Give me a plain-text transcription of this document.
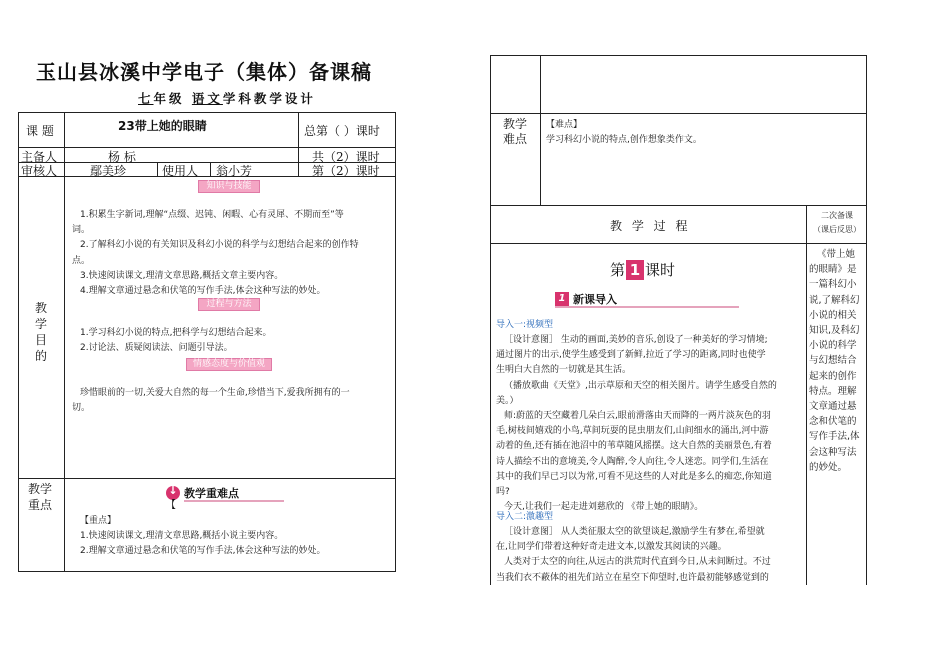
玉山县冰溪中学电子（集体）备课稿
七年级 语文学科教学设计
课 题	23带上她的眼睛	总第（ ）课时
主备人	杨 标	共（2）课时
审核人	鄢美珍	使用人 翁小芳	第（2）课时
教
学
目
的
知识与技能
1.积累生字新词,理解“点缀、迟钝、闲暇、心有灵犀、不期而至”等
词。
2.了解科幻小说的有关知识及科幻小说的科学与幻想结合起来的创作特
点。
3.快速阅读课文,理清文章思路,概括文章主要内容。
4.理解文章通过悬念和伏笔的写作手法,体会这种写法的妙处。
过程与方法
1.学习科幻小说的特点,把科学与幻想结合起来。
2.讨论法、质疑阅读法、问题引导法。
情感态度与价值观
珍惜眼前的一切,关爱大自然的每一个生命,珍惜当下,爱我所拥有的一
切。
教学
重点
↓
教学重难点
【
【重点】
1.快速阅读课文,理清文章思路,概括小说主要内容。
2.理解文章通过悬念和伏笔的写作手法,体会这种写法的妙处。
教学
难点
【难点】
学习科幻小说的特点,创作想象类作文。
教 学 过 程
二次备课
（课后反思）
第 1 课时
1 新课导入
导入一:视频型
［设计意图］ 生动的画面,美妙的音乐,创设了一种美好的学习情境;
通过图片的出示,使学生感受到了新鲜,拉近了学习的距离,同时也使学
生明白大自然的一切就是其生活。
（播放歌曲《天堂》,出示草原和天空的相关图片。请学生感受自然的
美。）
师:蔚蓝的天空藏着几朵白云,眼前滑落由天而降的一两片淡灰色的羽
毛,树枝间嬉戏的小鸟,草间玩耍的昆虫朋友们,山间细水的涌出,河中游
动着的鱼,还有插在池沼中的苇草随风摇摆。这大自然的美丽景色,有着
诗人描绘不出的意境美,令人陶醉,令人向往,令人迷恋。同学们,生活在
其中的我们早已习以为常,可看不见这些的人对此是多么的痴恋,你知道
吗?
今天,让我们一起走进刘慈欣的 《带上她的眼睛》。
导入二:激趣型
［设计意图］ 从人类征服太空的欲望谈起,激励学生有梦在,希望就
在,让同学们带着这种好奇走进文本,以激发其阅读的兴趣。
人类对于太空的向往,从远古的洪荒时代直到今日,从未间断过。不过
当我们衣不蔽体的祖先们站立在星空下仰望时,也许最初能够感觉到的
《带上她
的眼睛》是
一篇科幻小
说,了解科幻
小说的相关
知识,及科幻
小说的科学
与幻想结合
起来的创作
特点。理解
文章通过悬
念和伏笔的
写作手法,体
会这种写法
的妙处。
